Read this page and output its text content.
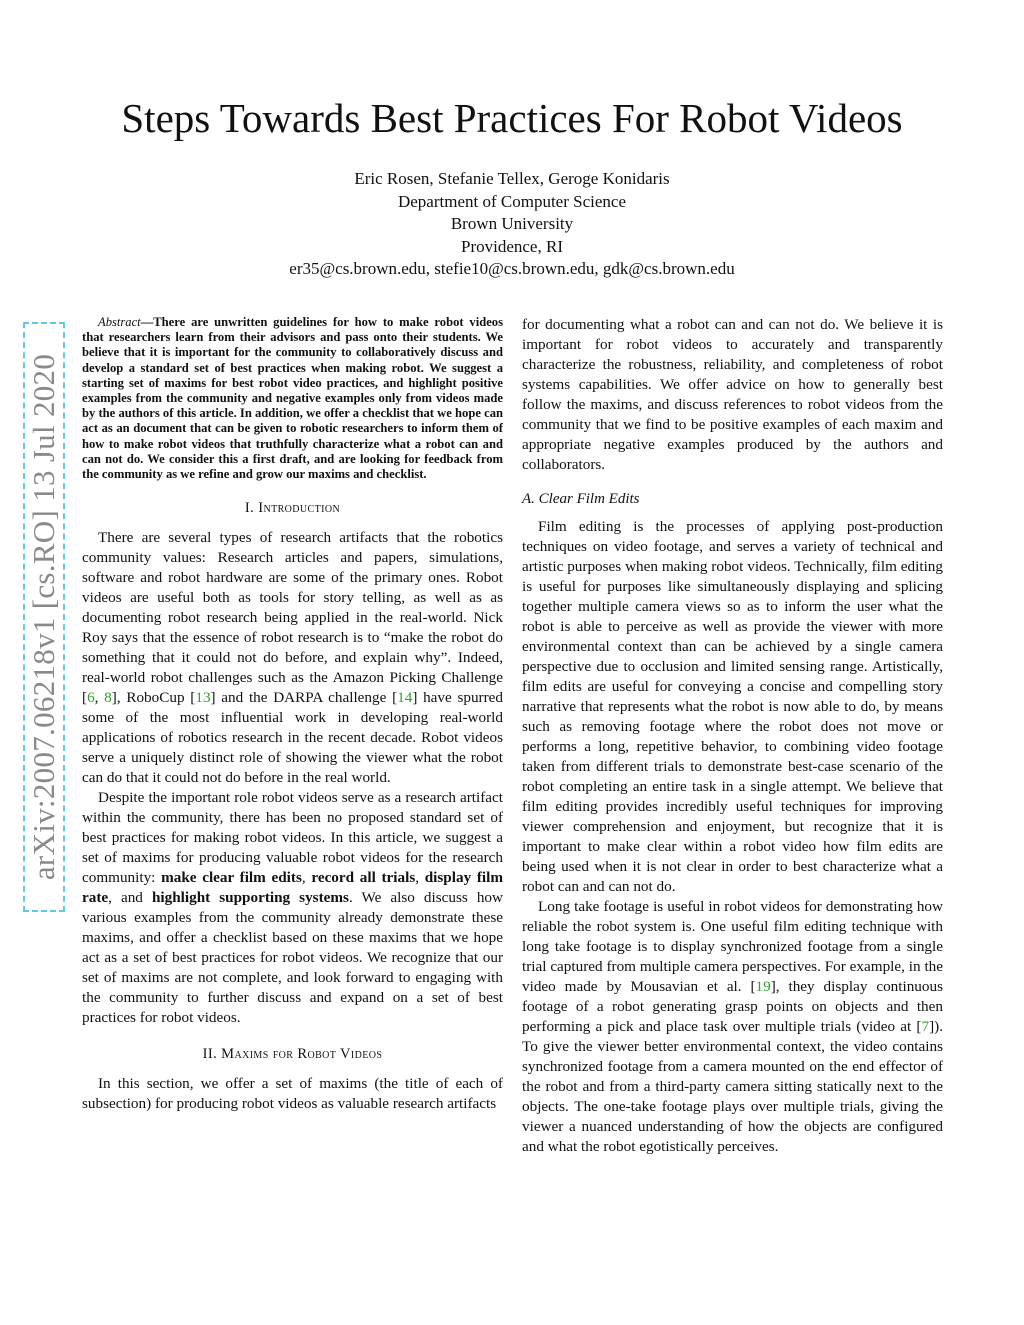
Steps Towards Best Practices For Robot Videos
Eric Rosen, Stefanie Tellex, Geroge Konidaris
Department of Computer Science
Brown University
Providence, RI
er35@cs.brown.edu, stefie10@cs.brown.edu, gdk@cs.brown.edu
arXiv:2007.06218v1 [cs.RO] 13 Jul 2020

Abstract—There are unwritten guidelines for how to make robot videos that researchers learn from their advisors and pass onto their students. We believe that it is important for the community to collaboratively discuss and develop a standard set of best practices when making robot. We suggest a starting set of maxims for best robot video practices, and highlight positive examples from the community and negative examples only from videos made by the authors of this article. In addition, we offer a checklist that we hope can act as an document that can be given to robotic researchers to inform them of how to make robot videos that truthfully characterize what a robot can and can not do. We consider this a first draft, and are looking for feedback from the community as we refine and grow our maxims and checklist.

I. Introduction

There are several types of research artifacts that the robotics community values: Research articles and papers, simulations, software and robot hardware are some of the primary ones. Robot videos are useful both as tools for story telling, as well as as documenting robot research being applied in the real-world. Nick Roy says that the essence of robot research is to “make the robot do something that it could not do before, and explain why”. Indeed, real-world robot challenges such as the Amazon Picking Challenge [6, 8], RoboCup [13] and the DARPA challenge [14] have spurred some of the most influential work in developing real-world applications of robotics research in the recent decade. Robot videos serve a uniquely distinct role of showing the viewer what the robot can do that it could not do before in the real world.

Despite the important role robot videos serve as a research artifact within the community, there has been no proposed standard set of best practices for making robot videos. In this article, we suggest a set of maxims for producing valuable robot videos for the research community: make clear film edits, record all trials, display film rate, and highlight supporting systems. We also discuss how various examples from the community already demonstrate these maxims, and offer a checklist based on these maxims that we hope act as a set of best practices for robot videos. We recognize that our set of maxims are not complete, and look forward to engaging with the community to further discuss and expand on a set of best practices for robot videos.

II. Maxims for Robot Videos

In this section, we offer a set of maxims (the title of each of subsection) for producing robot videos as valuable research artifacts

for documenting what a robot can and can not do. We believe it is important for robot videos to accurately and transparently characterize the robustness, reliability, and completeness of robot systems capabilities. We offer advice on how to generally best follow the maxims, and discuss references to robot videos from the community that we find to be positive examples of each maxim and appropriate negative examples produced by the authors and collaborators.

A. Clear Film Edits

Film editing is the processes of applying post-production techniques on video footage, and serves a variety of technical and artistic purposes when making robot videos. Technically, film editing is useful for purposes like simultaneously displaying and splicing together multiple camera views so as to inform the user what the robot is able to perceive as well as provide the viewer with more environmental context than can be achieved by a single camera perspective due to occlusion and limited sensing range. Artistically, film edits are useful for conveying a concise and compelling story narrative that represents what the robot is now able to do, by means such as removing footage where the robot does not move or performs a long, repetitive behavior, to combining video footage taken from different trials to demonstrate best-case scenario of the robot completing an entire task in a single attempt. We believe that film editing provides incredibly useful techniques for improving viewer comprehension and enjoyment, but recognize that it is important to make clear within a robot video how film edits are being used when it is not clear in order to best characterize what a robot can and can not do.

Long take footage is useful in robot videos for demonstrating how reliable the robot system is. One useful film editing technique with long take footage is to display synchronized footage from a single trial captured from multiple camera perspectives. For example, in the video made by Mousavian et al. [19], they display continuous footage of a robot generating grasp points on objects and then performing a pick and place task over multiple trials (video at [7]). To give the viewer better environmental context, the video contains synchronized footage from a camera mounted on the end effector of the robot and from a third-party camera sitting statically next to the objects. The one-take footage plays over multiple trials, giving the viewer a nuanced understanding of how the objects are configured and what the robot egotistically perceives.
